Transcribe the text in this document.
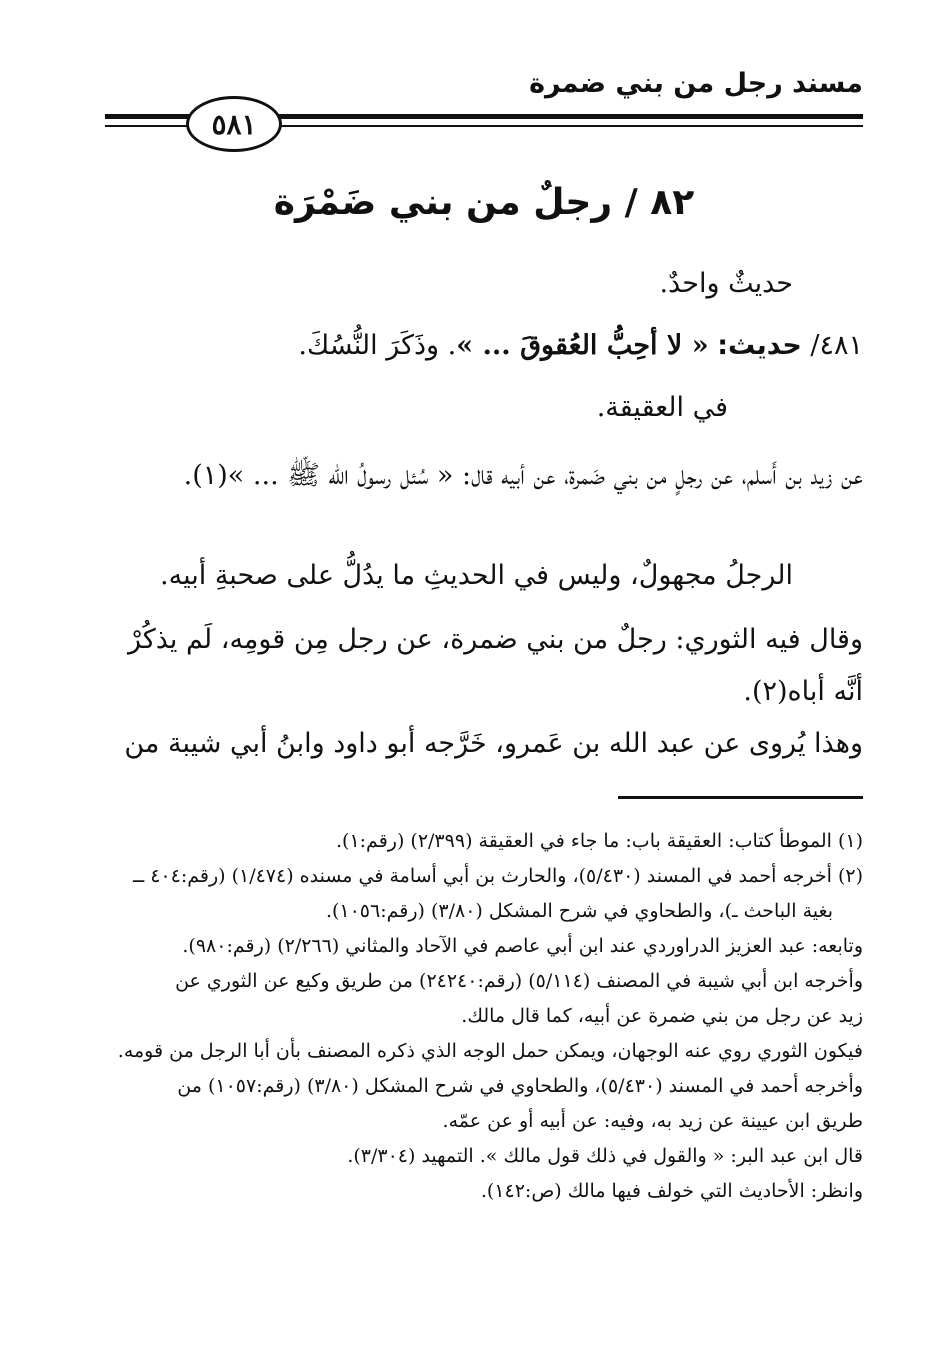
مسند رجل من بني ضمرة
٥٨١
٨٢ / رجلٌ من بني ضَمْرَة
حديثٌ واحدٌ.
٤٨١/ حديث: « لا أحِبُّ العُقوقَ ... ». وذَكَرَ النُّسُكَ.
في العقيقة.
عن زيد بن أَسلم، عن رجلٍ من بني ضَمرة، عن أبيه قال: « سُئل رسولُ الله ﷺ ... »(١).
الرجلُ مجهولٌ، وليس في الحديثِ ما يدُلُّ على صحبةِ أبيه.
وقال فيه الثوري: رجلٌ من بني ضمرة، عن رجل مِن قومِه، لَم يذكُرْ أنَّه أباه(٢).
وهذا يُروى عن عبد الله بن عَمرو، خَرَّجه أبو داود وابنُ أبي شيبة من
(١) الموطأ كتاب: العقيقة باب: ما جاء في العقيقة (٢/٣٩٩) (رقم:١).
(٢) أخرجه أحمد في المسند (٥/٤٣٠)، والحارث بن أبي أسامة في مسنده (١/٤٧٤) (رقم:٤٠٤ ــ
بغية الباحث ـ)، والطحاوي في شرح المشكل (٣/٨٠) (رقم:١٠٥٦).
وتابعه: عبد العزيز الدراوردي عند ابن أبي عاصم في الآحاد والمثاني (٢/٢٦٦) (رقم:٩٨٠).
وأخرجه ابن أبي شيبة في المصنف (٥/١١٤) (رقم:٢٤٢٤٠) من طريق وكيع عن الثوري عن
زيد عن رجل من بني ضمرة عن أبيه، كما قال مالك.
فيكون الثوري روي عنه الوجهان، ويمكن حمل الوجه الذي ذكره المصنف بأن أبا الرجل من قومه.
وأخرجه أحمد في المسند (٥/٤٣٠)، والطحاوي في شرح المشكل (٣/٨٠) (رقم:١٠٥٧) من
طريق ابن عيينة عن زيد به، وفيه: عن أبيه أو عن عمّه.
قال ابن عبد البر: « والقول في ذلك قول مالك ». التمهيد (٣/٣٠٤).
وانظر: الأحاديث التي خولف فيها مالك (ص:١٤٢).
